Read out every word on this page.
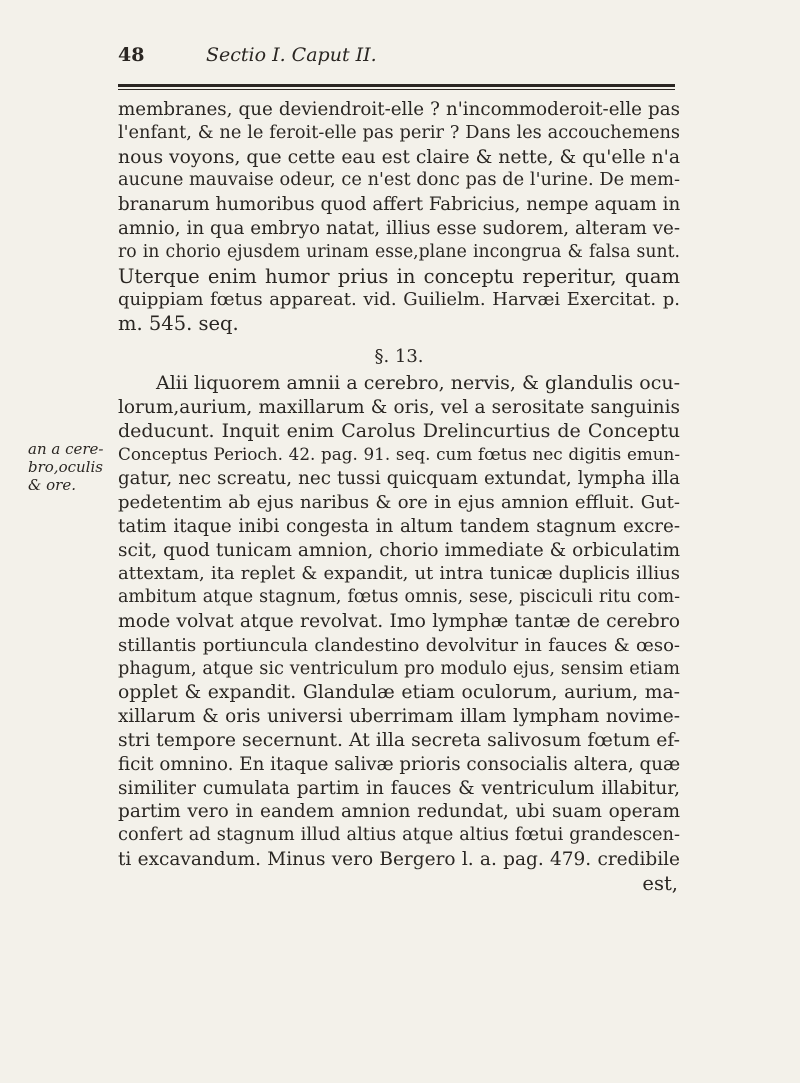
48	Sectio I. Caput II.
an a cere-
bro,oculis
& ore.
membranes, que deviendroit-elle ? n'incommoderoit-elle pas
l'enfant, & ne le feroit-elle pas perir ? Dans les accouchemens
nous voyons, que cette eau est claire & nette, & qu'elle n'a
aucune mauvaise odeur, ce n'est donc pas de l'urine. De mem-
branarum humoribus quod affert Fabricius, nempe aquam in
amnio, in qua embryo natat, illius esse sudorem, alteram ve-
ro in chorio ejusdem urinam esse,plane incongrua & falsa sunt.
Uterque enim humor prius in conceptu reperitur, quam
quippiam fœtus appareat. vid. Guilielm. Harvæi Exercitat. p.
m. 545. seq.
§. 13.
Alii liquorem amnii a cerebro, nervis, & glandulis ocu-
lorum,aurium, maxillarum & oris, vel a serositate sanguinis
deducunt. Inquit enim Carolus Drelincurtius de Conceptu
Conceptus Perioch. 42. pag. 91. seq. cum fœtus nec digitis emun-
gatur, nec screatu, nec tussi quicquam extundat, lympha illa
pedetentim ab ejus naribus & ore in ejus amnion effluit. Gut-
tatim itaque inibi congesta in altum tandem stagnum excre-
scit, quod tunicam amnion, chorio immediate & orbiculatim
attextam, ita replet & expandit, ut intra tunicæ duplicis illius
ambitum atque stagnum, fœtus omnis, sese, pisciculi ritu com-
mode volvat atque revolvat. Imo lymphæ tantæ de cerebro
stillantis portiuncula clandestino devolvitur in fauces & œso-
phagum, atque sic ventriculum pro modulo ejus, sensim etiam
opplet & expandit. Glandulæ etiam oculorum, aurium, ma-
xillarum & oris universi uberrimam illam lympham novime-
stri tempore secernunt. At illa secreta salivosum fœtum ef-
ficit omnino. En itaque salivæ prioris consocialis altera, quæ
similiter cumulata partim in fauces & ventriculum illabitur,
partim vero in eandem amnion redundat, ubi suam operam
confert ad stagnum illud altius atque altius fœtui grandescen-
ti excavandum. Minus vero Bergero l. a. pag. 479. credibile
est,
